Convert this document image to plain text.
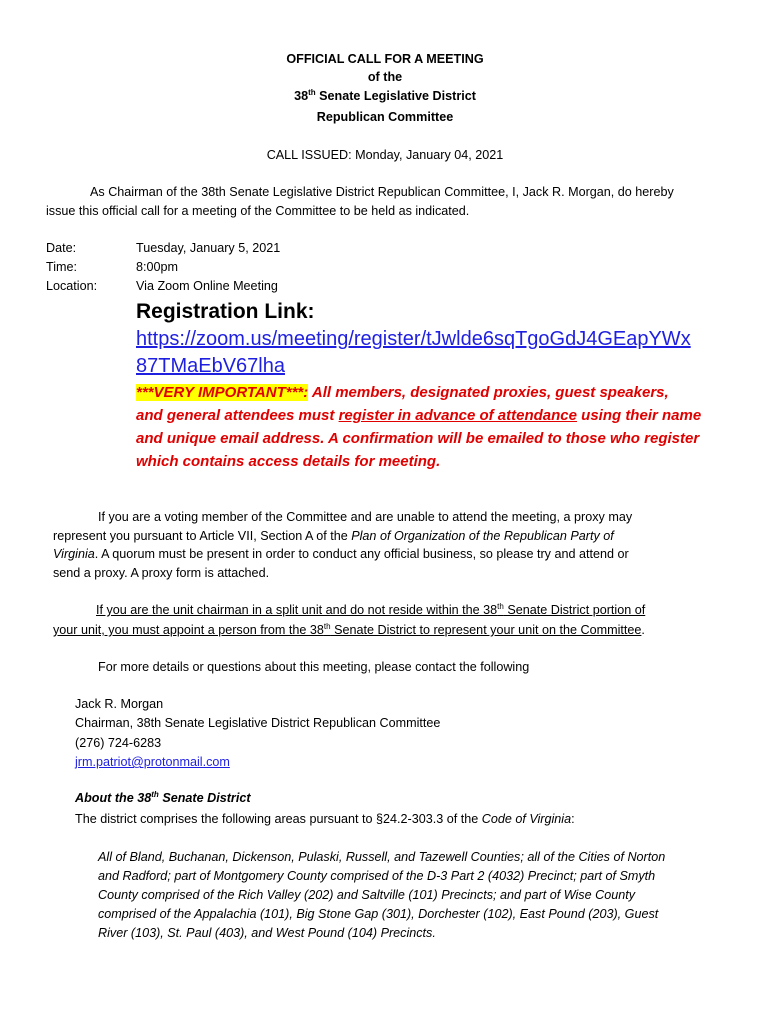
OFFICIAL CALL FOR A MEETING
of the
38th Senate Legislative District
Republican Committee
CALL ISSUED: Monday, January 04, 2021
As Chairman of the 38th Senate Legislative District Republican Committee, I, Jack R. Morgan, do hereby
issue this official call for a meeting of the Committee to be held as indicated.
Date:	Tuesday, January 5, 2021
Time:	8:00pm
Location:	Via Zoom Online Meeting
Registration Link:
https://zoom.us/meeting/register/tJwlde6sqTgoGdJ4GEapYWx
87TMaEbV67lha
***VERY IMPORTANT***: All members, designated proxies, guest speakers,
and general attendees must register in advance of attendance using their name
and unique email address. A confirmation will be emailed to those who register
which contains access details for meeting.
If you are a voting member of the Committee and are unable to attend the meeting, a proxy may
represent you pursuant to Article VII, Section A of the Plan of Organization of the Republican Party of
Virginia. A quorum must be present in order to conduct any official business, so please try and attend or
send a proxy. A proxy form is attached.
If you are the unit chairman in a split unit and do not reside within the 38th Senate District portion of
your unit, you must appoint a person from the 38th Senate District to represent your unit on the Committee.
For more details or questions about this meeting, please contact the following
Jack R. Morgan
Chairman, 38th Senate Legislative District Republican Committee
(276) 724-6283
jrm.patriot@protonmail.com
About the 38th Senate District
The district comprises the following areas pursuant to §24.2-303.3 of the Code of Virginia:
All of Bland, Buchanan, Dickenson, Pulaski, Russell, and Tazewell Counties; all of the Cities of Norton
and Radford; part of Montgomery County comprised of the D-3 Part 2 (4032) Precinct; part of Smyth
County comprised of the Rich Valley (202) and Saltville (101) Precincts; and part of Wise County
comprised of the Appalachia (101), Big Stone Gap (301), Dorchester (102), East Pound (203), Guest
River (103), St. Paul (403), and West Pound (104) Precincts.
